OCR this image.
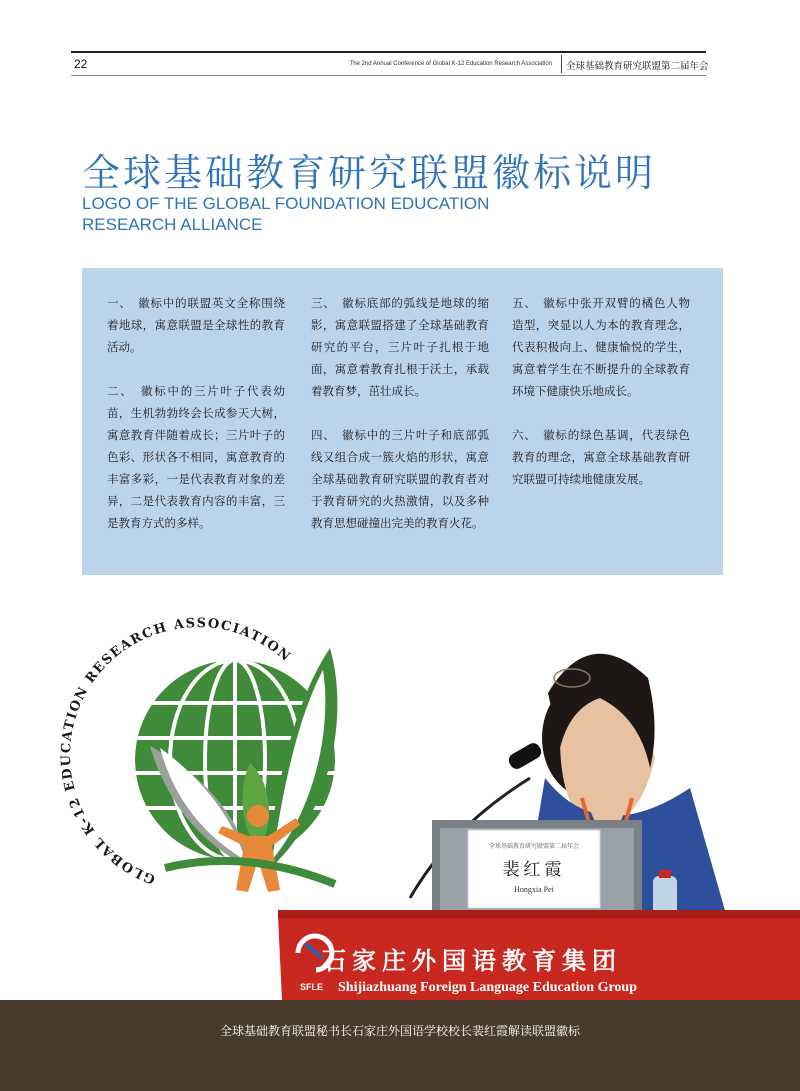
22	The 2nd Annual Conference of Global K-12 Education Research Association 全球基础教育研究联盟第二届年会
全球基础教育研究联盟徽标说明
LOGO OF THE GLOBAL FOUNDATION EDUCATION RESEARCH ALLIANCE

一、　徽标中的联盟英文全称围绕着地球，寓意联盟是全球性的教育活动。

二、　徽标中的三片叶子代表幼苗，生机勃勃终会长成参天大树，寓意教育伴随着成长；三片叶子的色彩、形状各不相同，寓意教育的丰富多彩，一是代表教育对象的差异，二是代表教育内容的丰富，三是教育方式的多样。

三、　徽标底部的弧线是地球的缩影，寓意联盟搭建了全球基础教育研究的平台，三片叶子扎根于地面，寓意着教育扎根于沃土，承载着教育梦，茁壮成长。

四、　徽标中的三片叶子和底部弧线又组合成一簇火焰的形状，寓意全球基础教育研究联盟的教育者对于教育研究的火热激情，以及多种教育思想碰撞出完美的教育火花。

五、　徽标中张开双臂的橘色人物造型，突显以人为本的教育理念，代表积极向上、健康愉悦的学生，寓意着学生在不断提升的全球教育环境下健康快乐地成长。

六、　徽标的绿色基调，代表绿色教育的理念，寓意全球基础教育研究联盟可持续地健康发展。

GLOBAL K-12 EDUCATION RESEARCH ASSOCIATION
全球基础教育研究联盟第二届年会
裴红霞
Hongxia Pei
石家庄外国语教育集团
SFLE Shijiazhuang Foreign Language Education Group
全球基础教育联盟秘书长石家庄外国语学校校长裴红霞解读联盟徽标
